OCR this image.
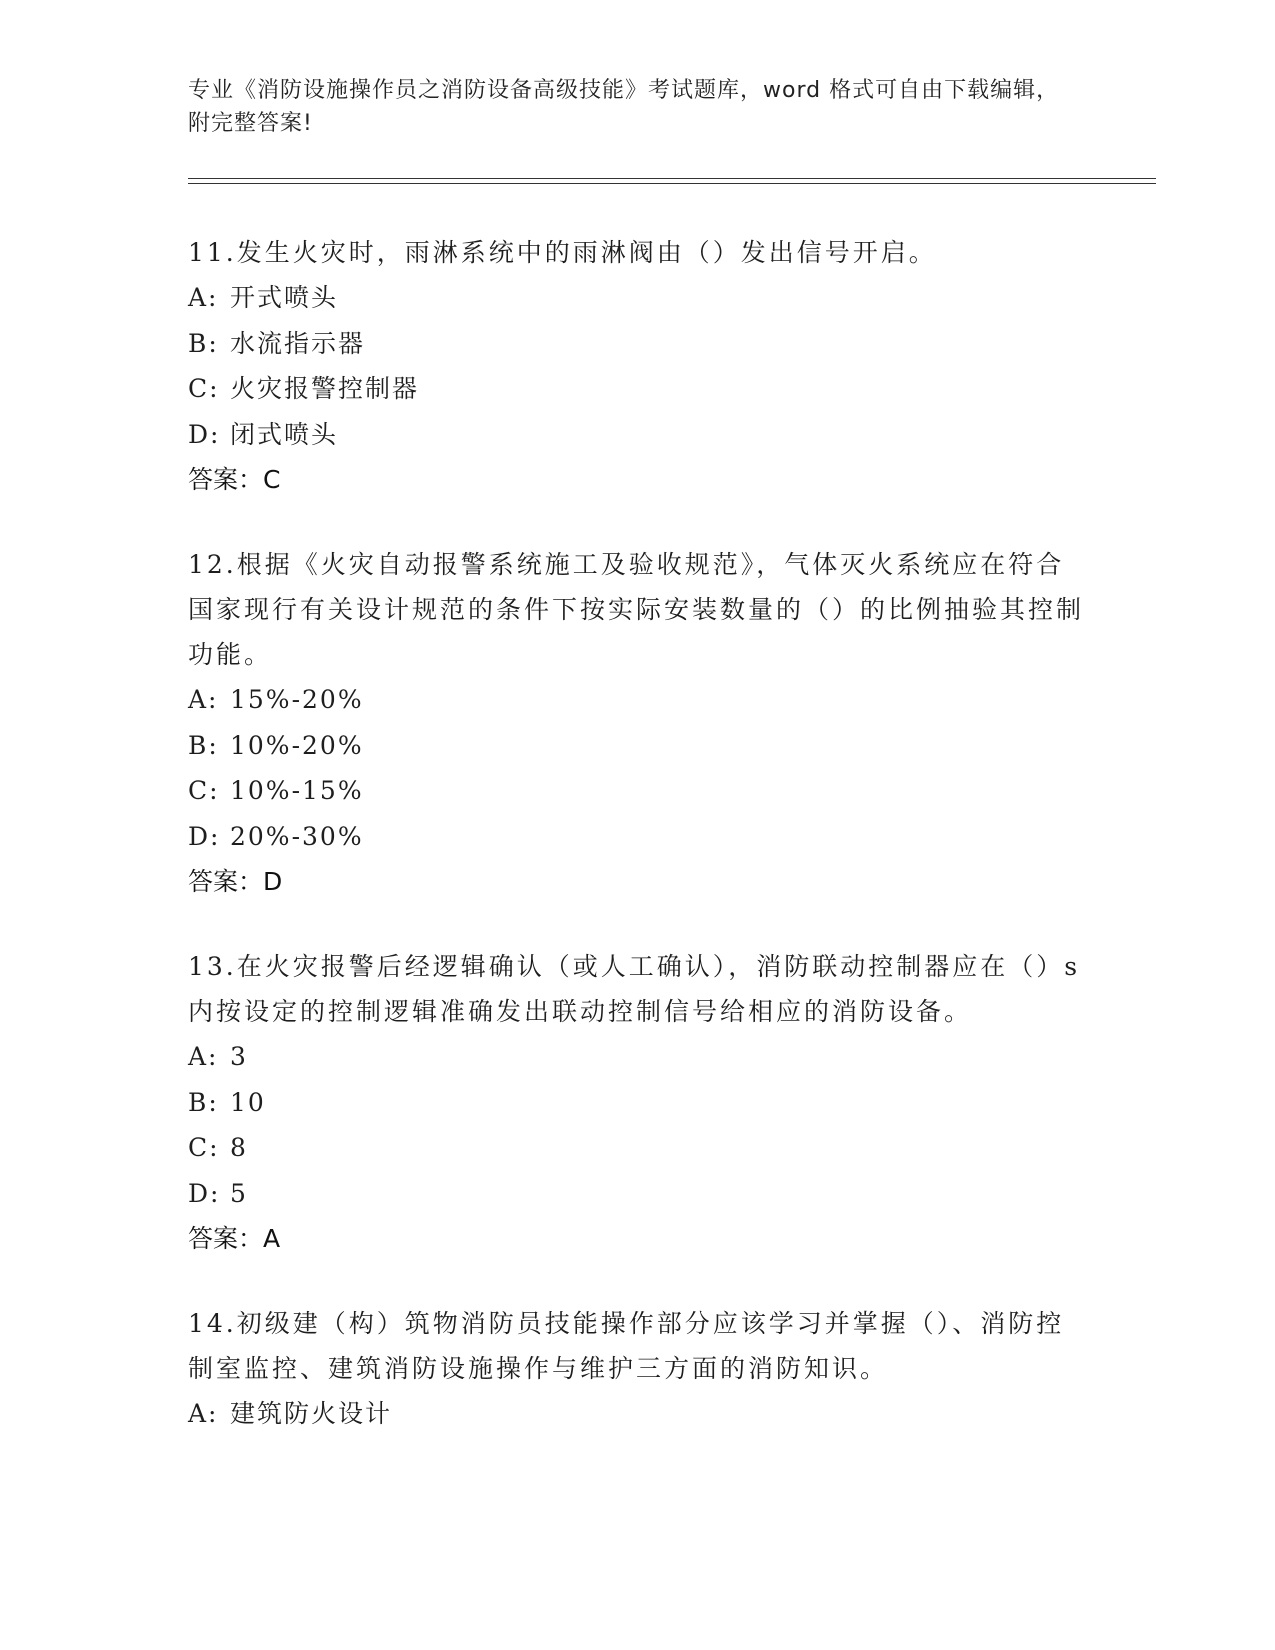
专业《消防设施操作员之消防设备高级技能》考试题库，word 格式可自由下载编辑，附完整答案!

11.发生火灾时，雨淋系统中的雨淋阀由（）发出信号开启。

A: 开式喷头
B: 水流指示器
C: 火灾报警控制器
D: 闭式喷头
答案：C

12.根据《火灾自动报警系统施工及验收规范》，气体灭火系统应在符合国家现行有关设计规范的条件下按实际安装数量的（）的比例抽验其控制功能。

A: 15%-20%
B: 10%-20%
C: 10%-15%
D: 20%-30%
答案：D

13.在火灾报警后经逻辑确认（或人工确认），消防联动控制器应在（）s 内按设定的控制逻辑准确发出联动控制信号给相应的消防设备。

A: 3
B: 10
C: 8
D: 5
答案：A

14.初级建（构）筑物消防员技能操作部分应该学习并掌握（）、消防控制室监控、建筑消防设施操作与维护三方面的消防知识。

A: 建筑防火设计
